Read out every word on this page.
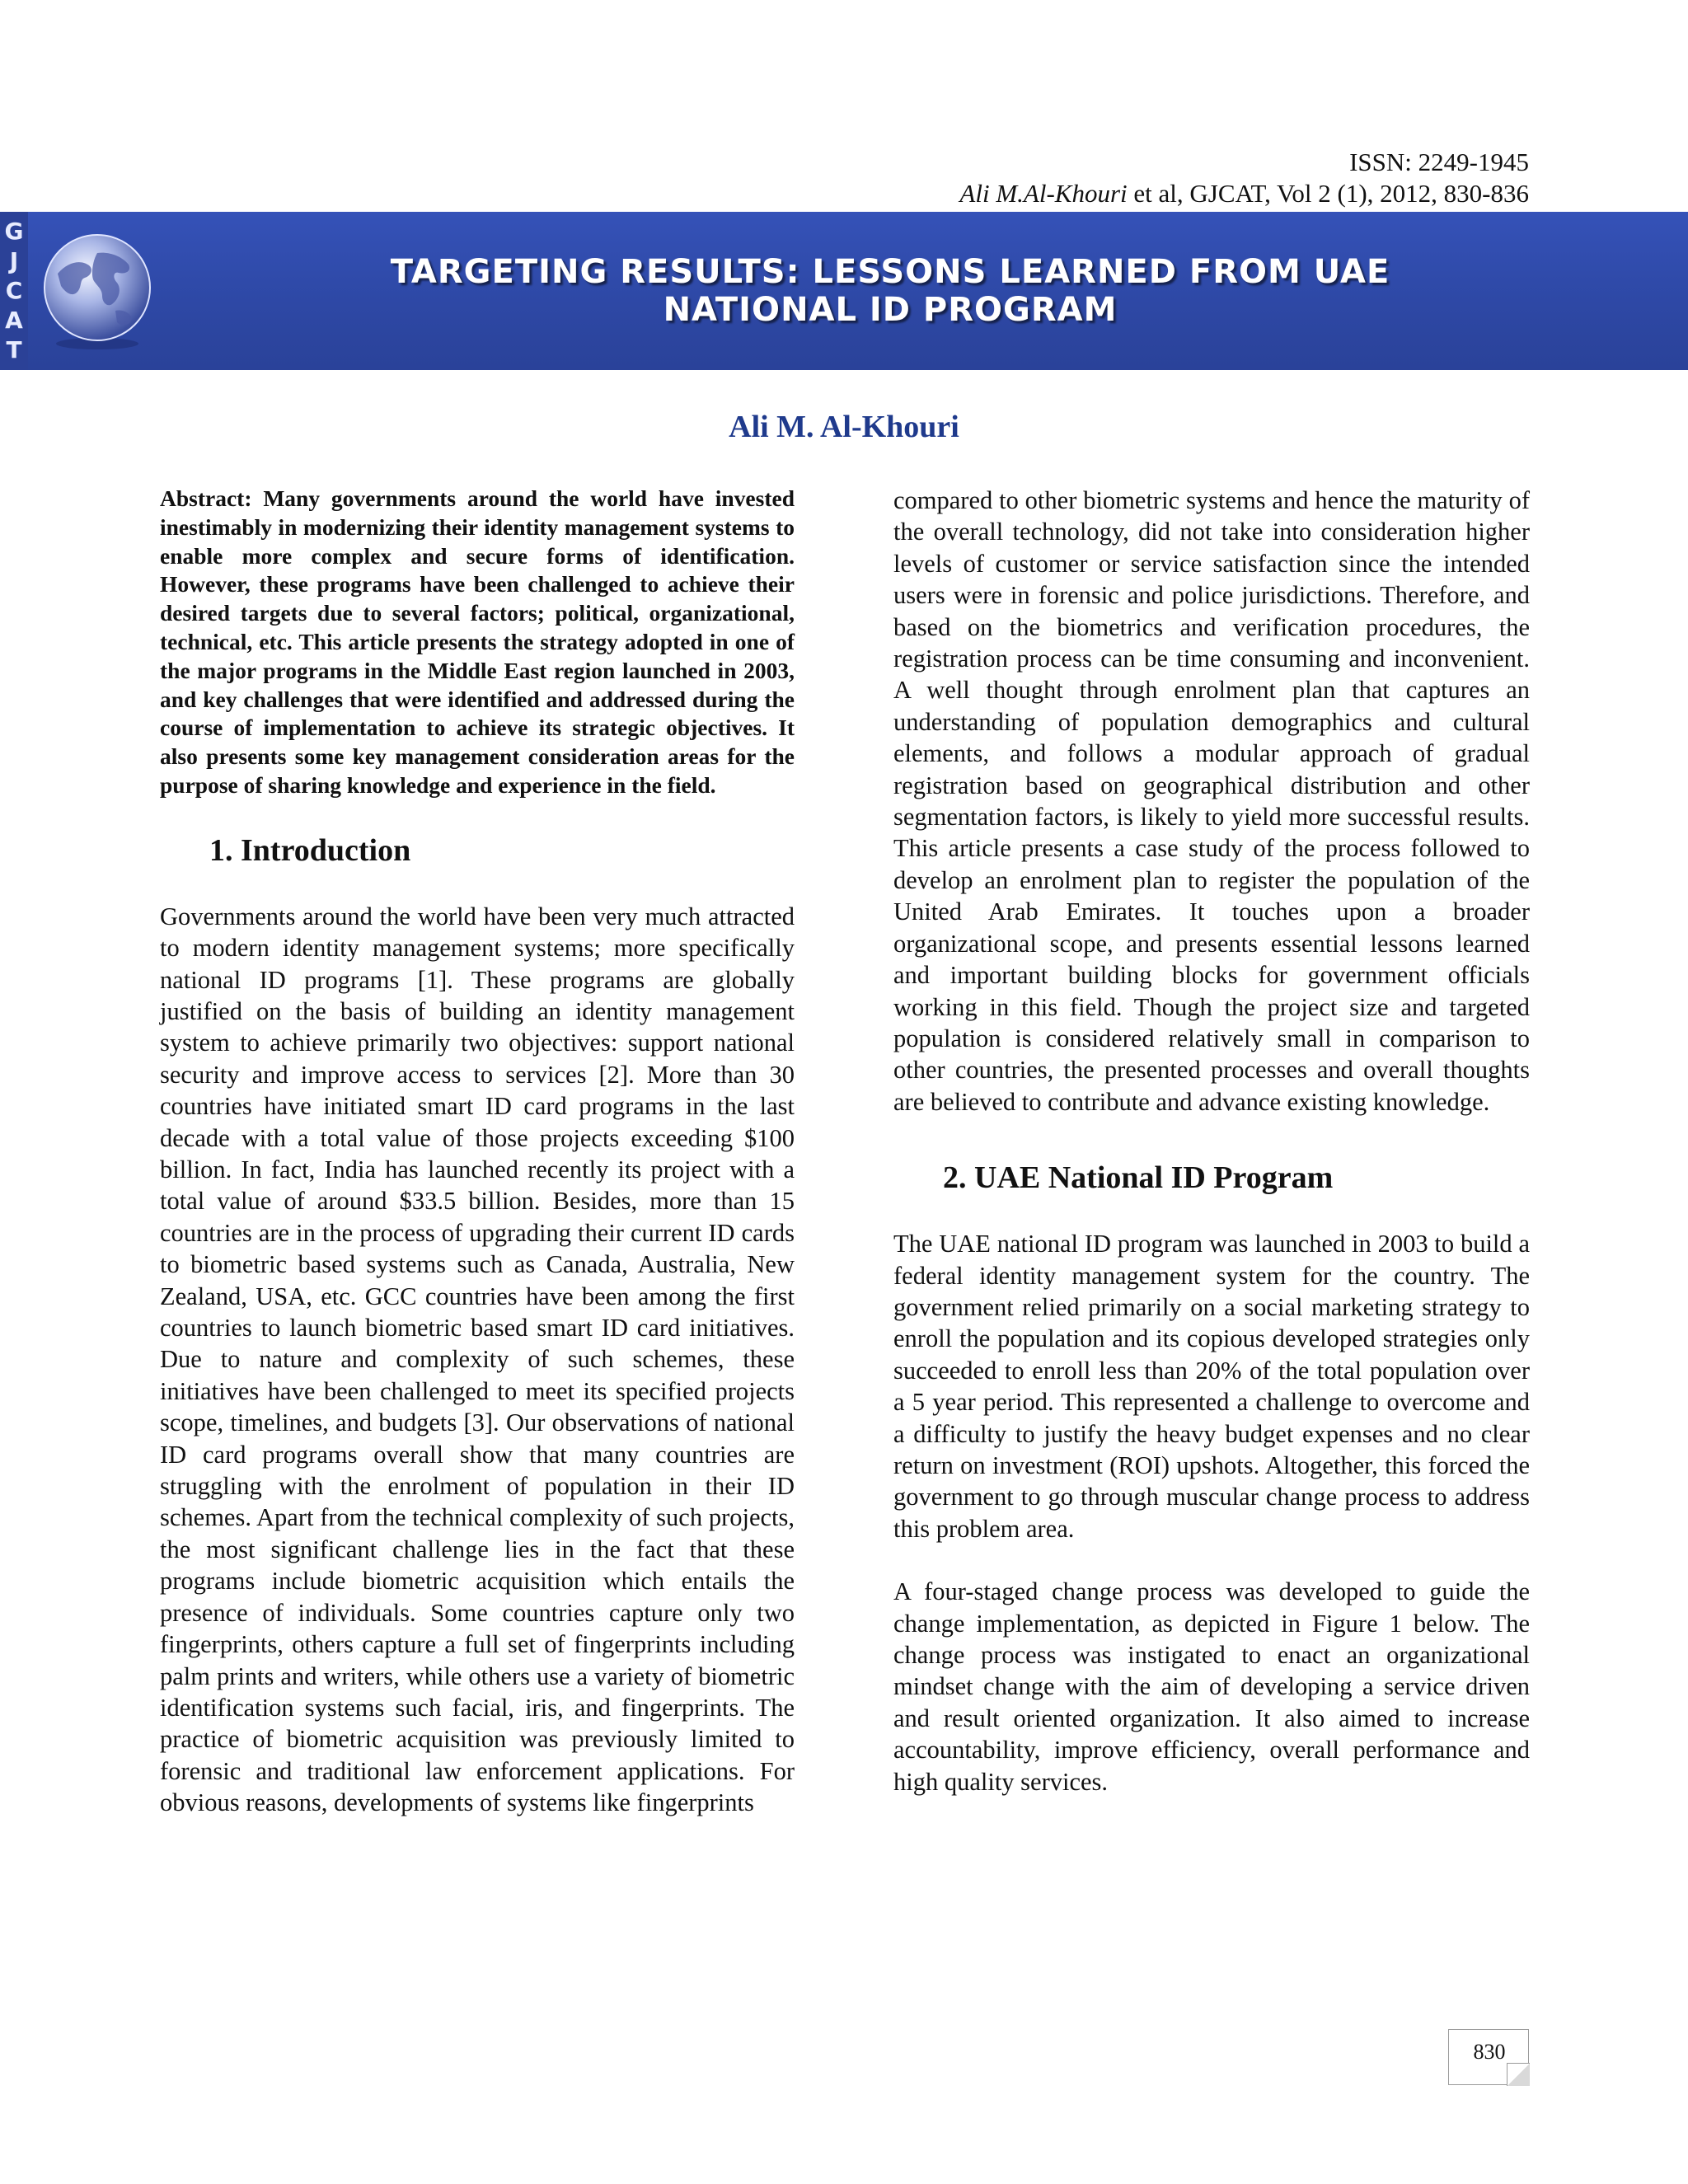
ISSN: 2249-1945
Ali M.Al-Khouri et al, GJCAT, Vol 2 (1), 2012, 830-836
G
J
C
A
T
TARGETING RESULTS: LESSONS LEARNED FROM UAE
NATIONAL ID PROGRAM
Ali M. Al-Khouri

Abstract: Many governments around the world have invested inestimably in modernizing their identity management systems to enable more complex and secure forms of identification. However, these programs have been challenged to achieve their desired targets due to several factors; political, organizational, technical, etc. This article presents the strategy adopted in one of the major programs in the Middle East region launched in 2003, and key challenges that were identified and addressed during the course of implementation to achieve its strategic objectives. It also presents some key management consideration areas for the purpose of sharing knowledge and experience in the field.

1. Introduction

Governments around the world have been very much attracted to modern identity management systems; more specifically national ID programs [1]. These programs are globally justified on the basis of building an identity management system to achieve primarily two objectives: support national security and improve access to services [2]. More than 30 countries have initiated smart ID card programs in the last decade with a total value of those projects exceeding $100 billion. In fact, India has launched recently its project with a total value of around $33.5 billion. Besides, more than 15 countries are in the process of upgrading their current ID cards to biometric based systems such as Canada, Australia, New Zealand, USA, etc. GCC countries have been among the first countries to launch biometric based smart ID card initiatives. Due to nature and complexity of such schemes, these initiatives have been challenged to meet its specified projects scope, timelines, and budgets [3]. Our observations of national ID card programs overall show that many countries are struggling with the enrolment of population in their ID schemes. Apart from the technical complexity of such projects, the most significant challenge lies in the fact that these programs include biometric acquisition which entails the presence of individuals. Some countries capture only two fingerprints, others capture a full set of fingerprints including palm prints and writers, while others use a variety of biometric identification systems such facial, iris, and fingerprints. The practice of biometric acquisition was previously limited to forensic and traditional law enforcement applications. For obvious reasons, developments of systems like fingerprints

compared to other biometric systems and hence the maturity of the overall technology, did not take into consideration higher levels of customer or service satisfaction since the intended users were in forensic and police jurisdictions. Therefore, and based on the biometrics and verification procedures, the registration process can be time consuming and inconvenient. A well thought through enrolment plan that captures an understanding of population demographics and cultural elements, and follows a modular approach of gradual registration based on geographical distribution and other segmentation factors, is likely to yield more successful results. This article presents a case study of the process followed to develop an enrolment plan to register the population of the United Arab Emirates. It touches upon a broader organizational scope, and presents essential lessons learned and important building blocks for government officials working in this field. Though the project size and targeted population is considered relatively small in comparison to other countries, the presented processes and overall thoughts are believed to contribute and advance existing knowledge.

2. UAE National ID Program

The UAE national ID program was launched in 2003 to build a federal identity management system for the country. The government relied primarily on a social marketing strategy to enroll the population and its copious developed strategies only succeeded to enroll less than 20% of the total population over a 5 year period. This represented a challenge to overcome and a difficulty to justify the heavy budget expenses and no clear return on investment (ROI) upshots. Altogether, this forced the government to go through muscular change process to address this problem area.

A four-staged change process was developed to guide the change implementation, as depicted in Figure 1 below. The change process was instigated to enact an organizational mindset change with the aim of developing a service driven and result oriented organization. It also aimed to increase accountability, improve efficiency, overall performance and high quality services.

830
